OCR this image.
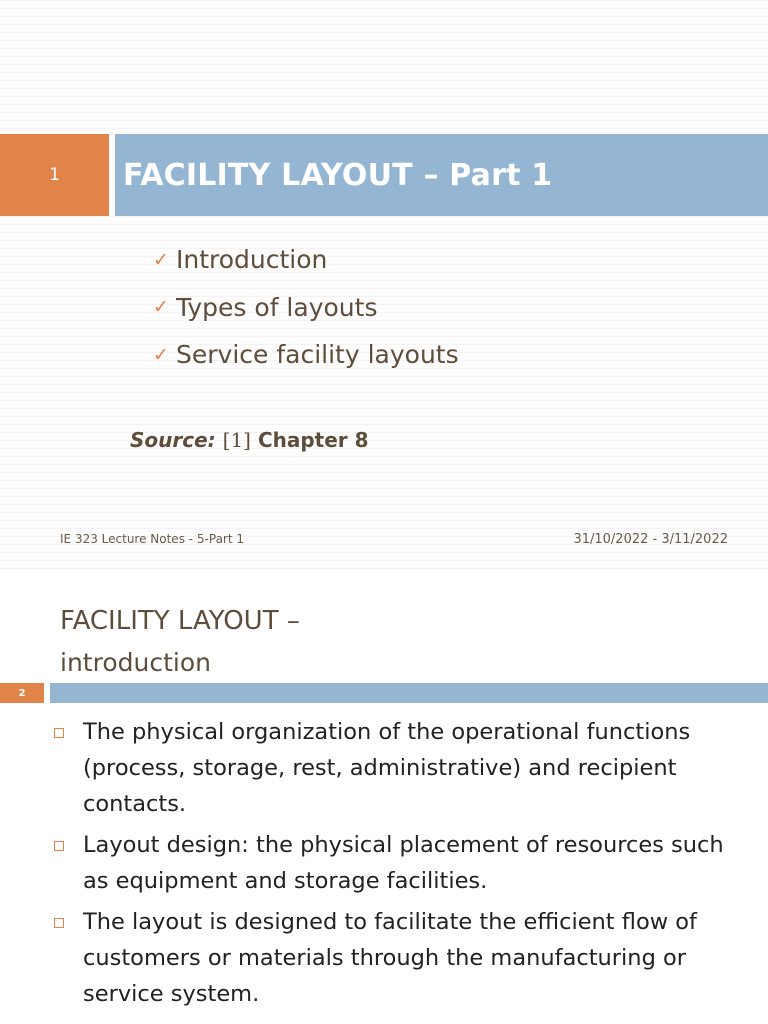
1 FACILITY LAYOUT – Part 1
✓ Introduction
✓ Types of layouts
✓ Service facility layouts
Source: [1] Chapter 8
IE 323 Lecture Notes - 5-Part 1	31/10/2022 - 3/11/2022
FACILITY LAYOUT –
introduction
2
The physical organization of the operational functions (process, storage, rest, administrative) and recipient contacts.
Layout design: the physical placement of resources such as equipment and storage facilities.
The layout is designed to facilitate the efficient flow of customers or materials through the manufacturing or service system.
